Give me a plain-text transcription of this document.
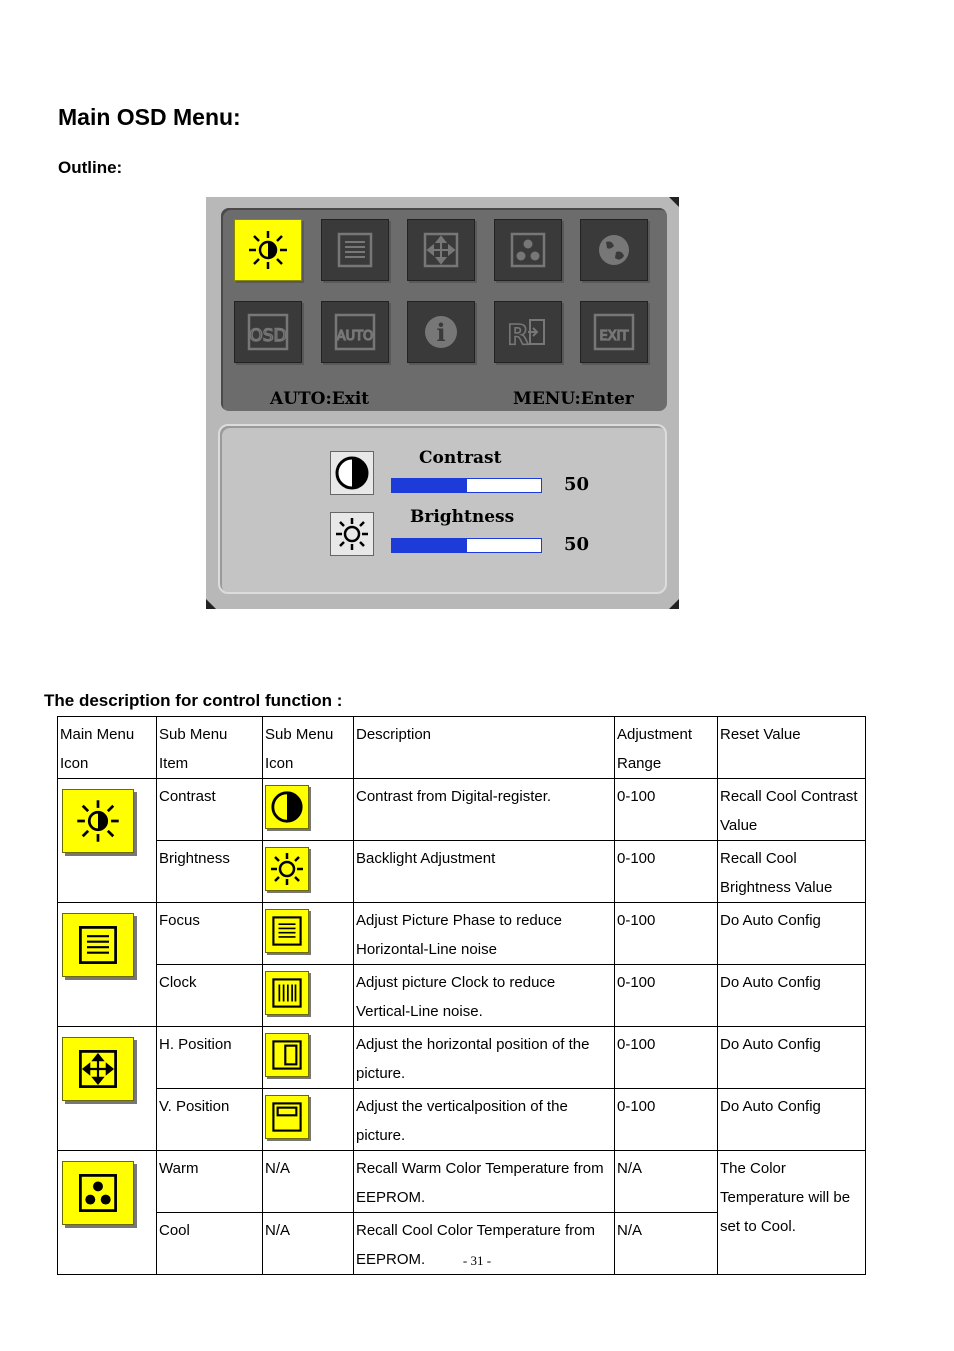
Main OSD Menu:
Outline:
OSD	AUTO	i R	EXIT
AUTO:Exit	MENU:Enter
Contrast
50
Brightness
50
The description for control function :
Main Menu Icon	Sub Menu Item	Sub Menu Icon	Description	Adjustment Range	Reset Value

	Contrast		Contrast from Digital-register.	0-100	Recall Cool Contrast Value
	Brightness		Backlight Adjustment	0-100	Recall Cool Brightness Value

	Focus		Adjust Picture Phase to reduce Horizontal-Line noise	0-100	Do Auto Config
	Clock		Adjust picture Clock to reduce Vertical-Line noise.	0-100	Do Auto Config

	H. Position		Adjust the horizontal position of the picture.	0-100	Do Auto Config
	V. Position		Adjust the verticalposition of the picture.	0-100	Do Auto Config

	Warm	N/A	Recall Warm Color Temperature from EEPROM.	N/A	The Color Temperature will be set to Cool.
	Cool	N/A	Recall Cool Color Temperature from EEPROM.	N/A	
- 31 -
